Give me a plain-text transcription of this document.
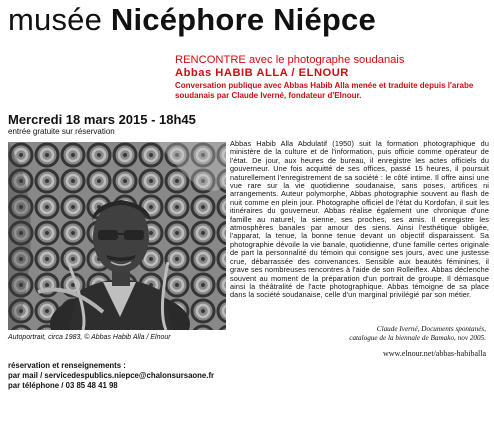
musée Nicéphore Niépce
RENCONTRE avec le photographe soudanais
Abbas HABIB ALLA / ELNOUR
Conversation publique avec Abbas Habib Alla menée et traduite depuis l'arabe soudanais par Claude Iverné, fondateur d'Elnour.
Mercredi 18 mars 2015 - 18h45
entrée gratuite sur réservation
Autoportrait, circa 1983, © Abbas Habib Alla / Elnour
Abbas Habib Alla Abdulatif (1950) suit la formation photographique du ministère de la culture et de l'information, puis officie comme opérateur de l'état. De jour, aux heures de bureau, il enregistre les actes officiels du gouverneur. Une fois acquitté de ses offices, passé 15 heures, il poursuit naturellement l'enregistrement de sa société : le côté intime. Il offre ainsi une vue rare sur la vie quotidienne soudanaise, sans poses, artifices ni arrangements. Auteur polymorphe, Abbas photographie souvent au flash de nuit comme en plein jour. Photographe officiel de l'état du Kordofan, il suit les itinéraires du gouverneur. Abbas réalise également une chronique d'une famille au naturel, la sienne, ses proches, ses amis. Il enregistre les atmosphères banales par amour des siens. Ainsi l'esthétique obligée, l'apparat, la tenue, la bonne tenue devant un objectif disparaissent. Sa photographie dévoile la vie banale, quotidienne, d'une famille certes originale de part la personnalité du témoin qui consigne ses jours, avec une justesse crue, débarrassée des convenances. Sensible aux beautés féminines, il grave ses nombreuses rencontres à l'aide de son Rolleiflex. Abbas déclenche souvent au moment de la préparation d'un portrait de groupe. Il démasque ainsi la théâtralité de l'acte photographique. Abbas témoigne de sa place dans la société soudanaise, celle d'un marginal privilégié par son métier.
Claude Iverné, Documents spontanés,
catalogue de la biennale de Bamako, nov 2005.
www.elnour.net/abbas-habiballa
réservation et renseignements :
par mail / servicedespublics.niepce@chalonsursaone.fr
par téléphone / 03 85 48 41 98
